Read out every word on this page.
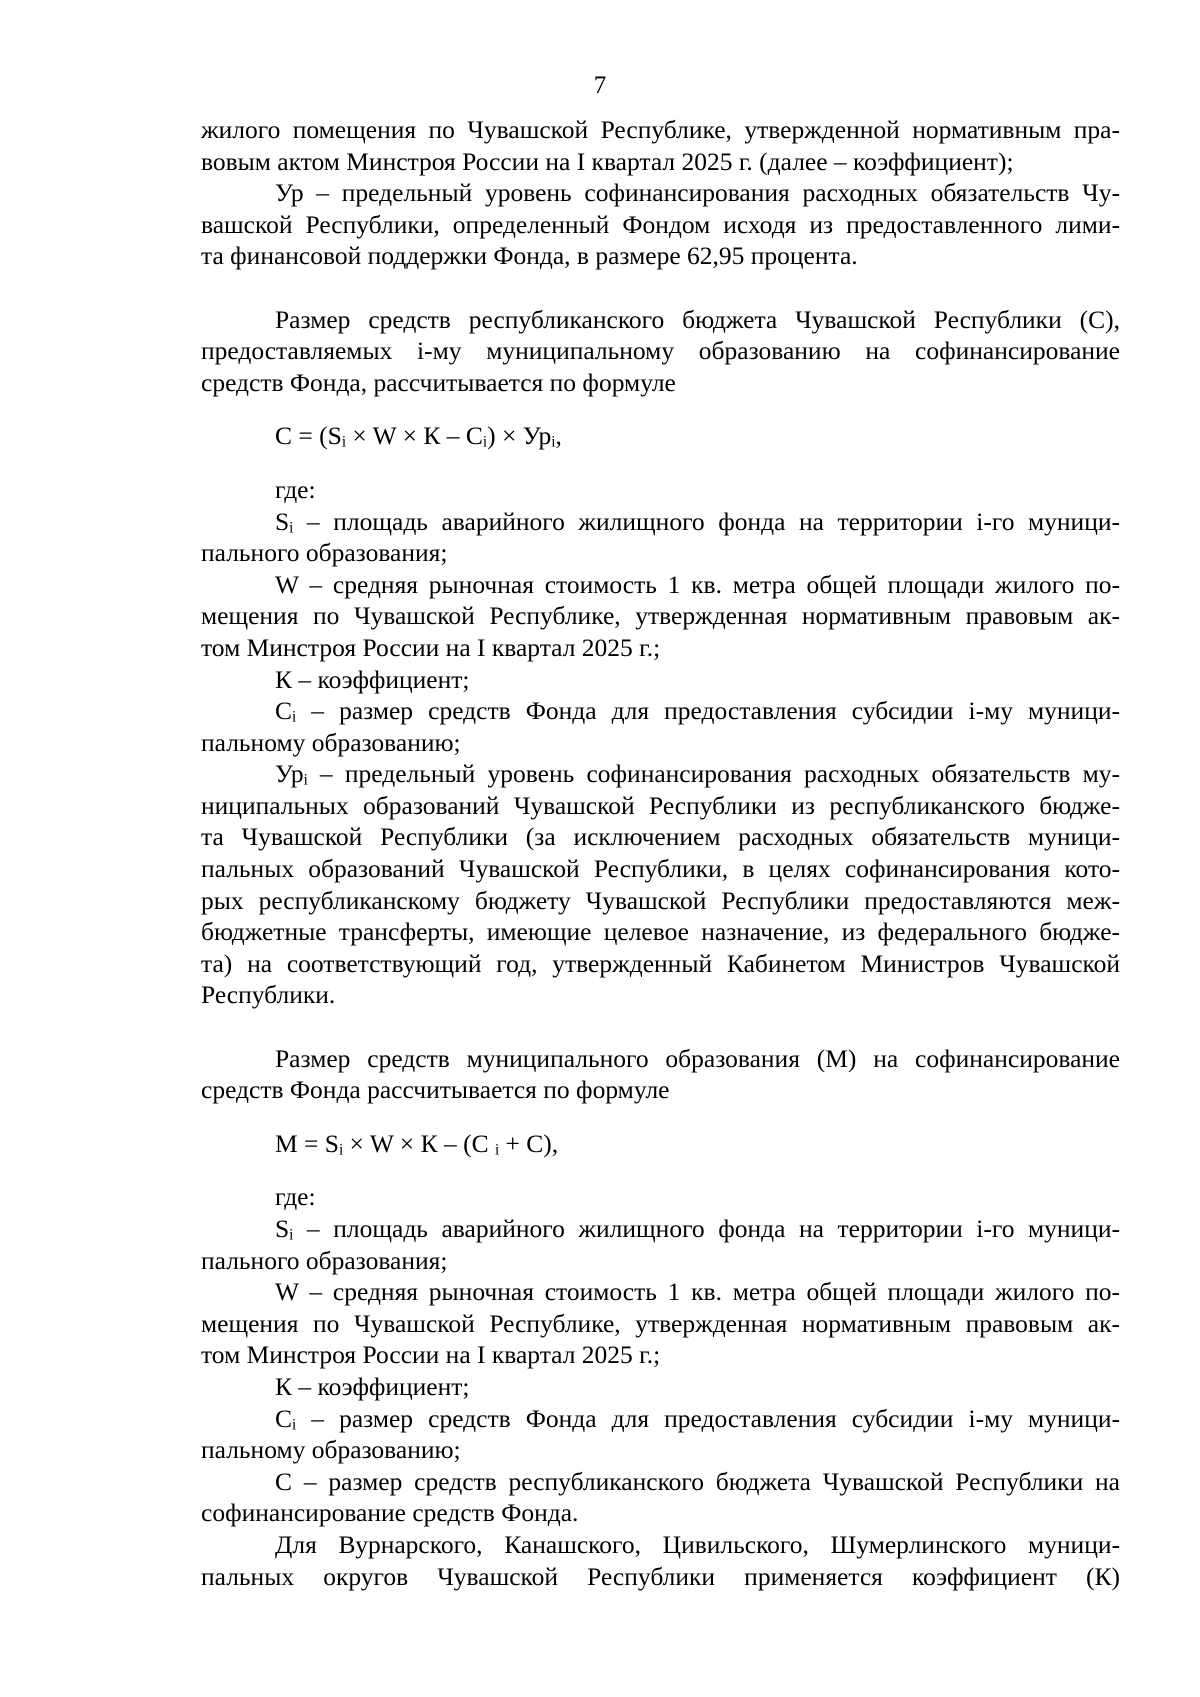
7

жилого помещения по Чувашской Республике, утвержденной нормативным пра-

вовым актом Минстроя России на I квартал 2025 г. (далее – коэффициент);

Ур – предельный уровень софинансирования расходных обязательств Чу-

вашской Республики, определенный Фондом исходя из предоставленного лими-

та финансовой поддержки Фонда, в размере 62,95 процента.

Размер средств республиканского бюджета Чувашской Республики (С),

предоставляемых i-му муниципальному образованию на софинансирование

средств Фонда, рассчитывается по формуле

С = (Sᵢ × W × К – Cᵢ) × Урᵢ,

где:

Sᵢ – площадь аварийного жилищного фонда на территории i-го муници-

пального образования;

W – средняя рыночная стоимость 1 кв. метра общей площади жилого по-

мещения по Чувашской Республике, утвержденная нормативным правовым ак-

том Минстроя России на I квартал 2025 г.;

К – коэффициент;

Cᵢ – размер средств Фонда для предоставления субсидии i-му муници-

пальному образованию;

Урᵢ – предельный уровень софинансирования расходных обязательств му-

ниципальных образований Чувашской Республики из республиканского бюдже-

та Чувашской Республики (за исключением расходных обязательств муници-

пальных образований Чувашской Республики, в целях софинансирования кото-

рых республиканскому бюджету Чувашской Республики предоставляются меж-

бюджетные трансферты, имеющие целевое назначение, из федерального бюдже-

та) на соответствующий год, утвержденный Кабинетом Министров Чувашской

Республики.

Размер средств муниципального образования (М) на софинансирование

средств Фонда рассчитывается по формуле

М = Sᵢ × W × К – (C ᵢ + С),

где:

Sᵢ – площадь аварийного жилищного фонда на территории i-го муници-

пального образования;

W – средняя рыночная стоимость 1 кв. метра общей площади жилого по-

мещения по Чувашской Республике, утвержденная нормативным правовым ак-

том Минстроя России на I квартал 2025 г.;

К – коэффициент;

Cᵢ – размер средств Фонда для предоставления субсидии i-му муници-

пальному образованию;

С – размер средств республиканского бюджета Чувашской Республики на

софинансирование средств Фонда.

Для Вурнарского, Канашского, Цивильского, Шумерлинского муници-

пальных округов Чувашской Республики применяется коэффициент (К)
